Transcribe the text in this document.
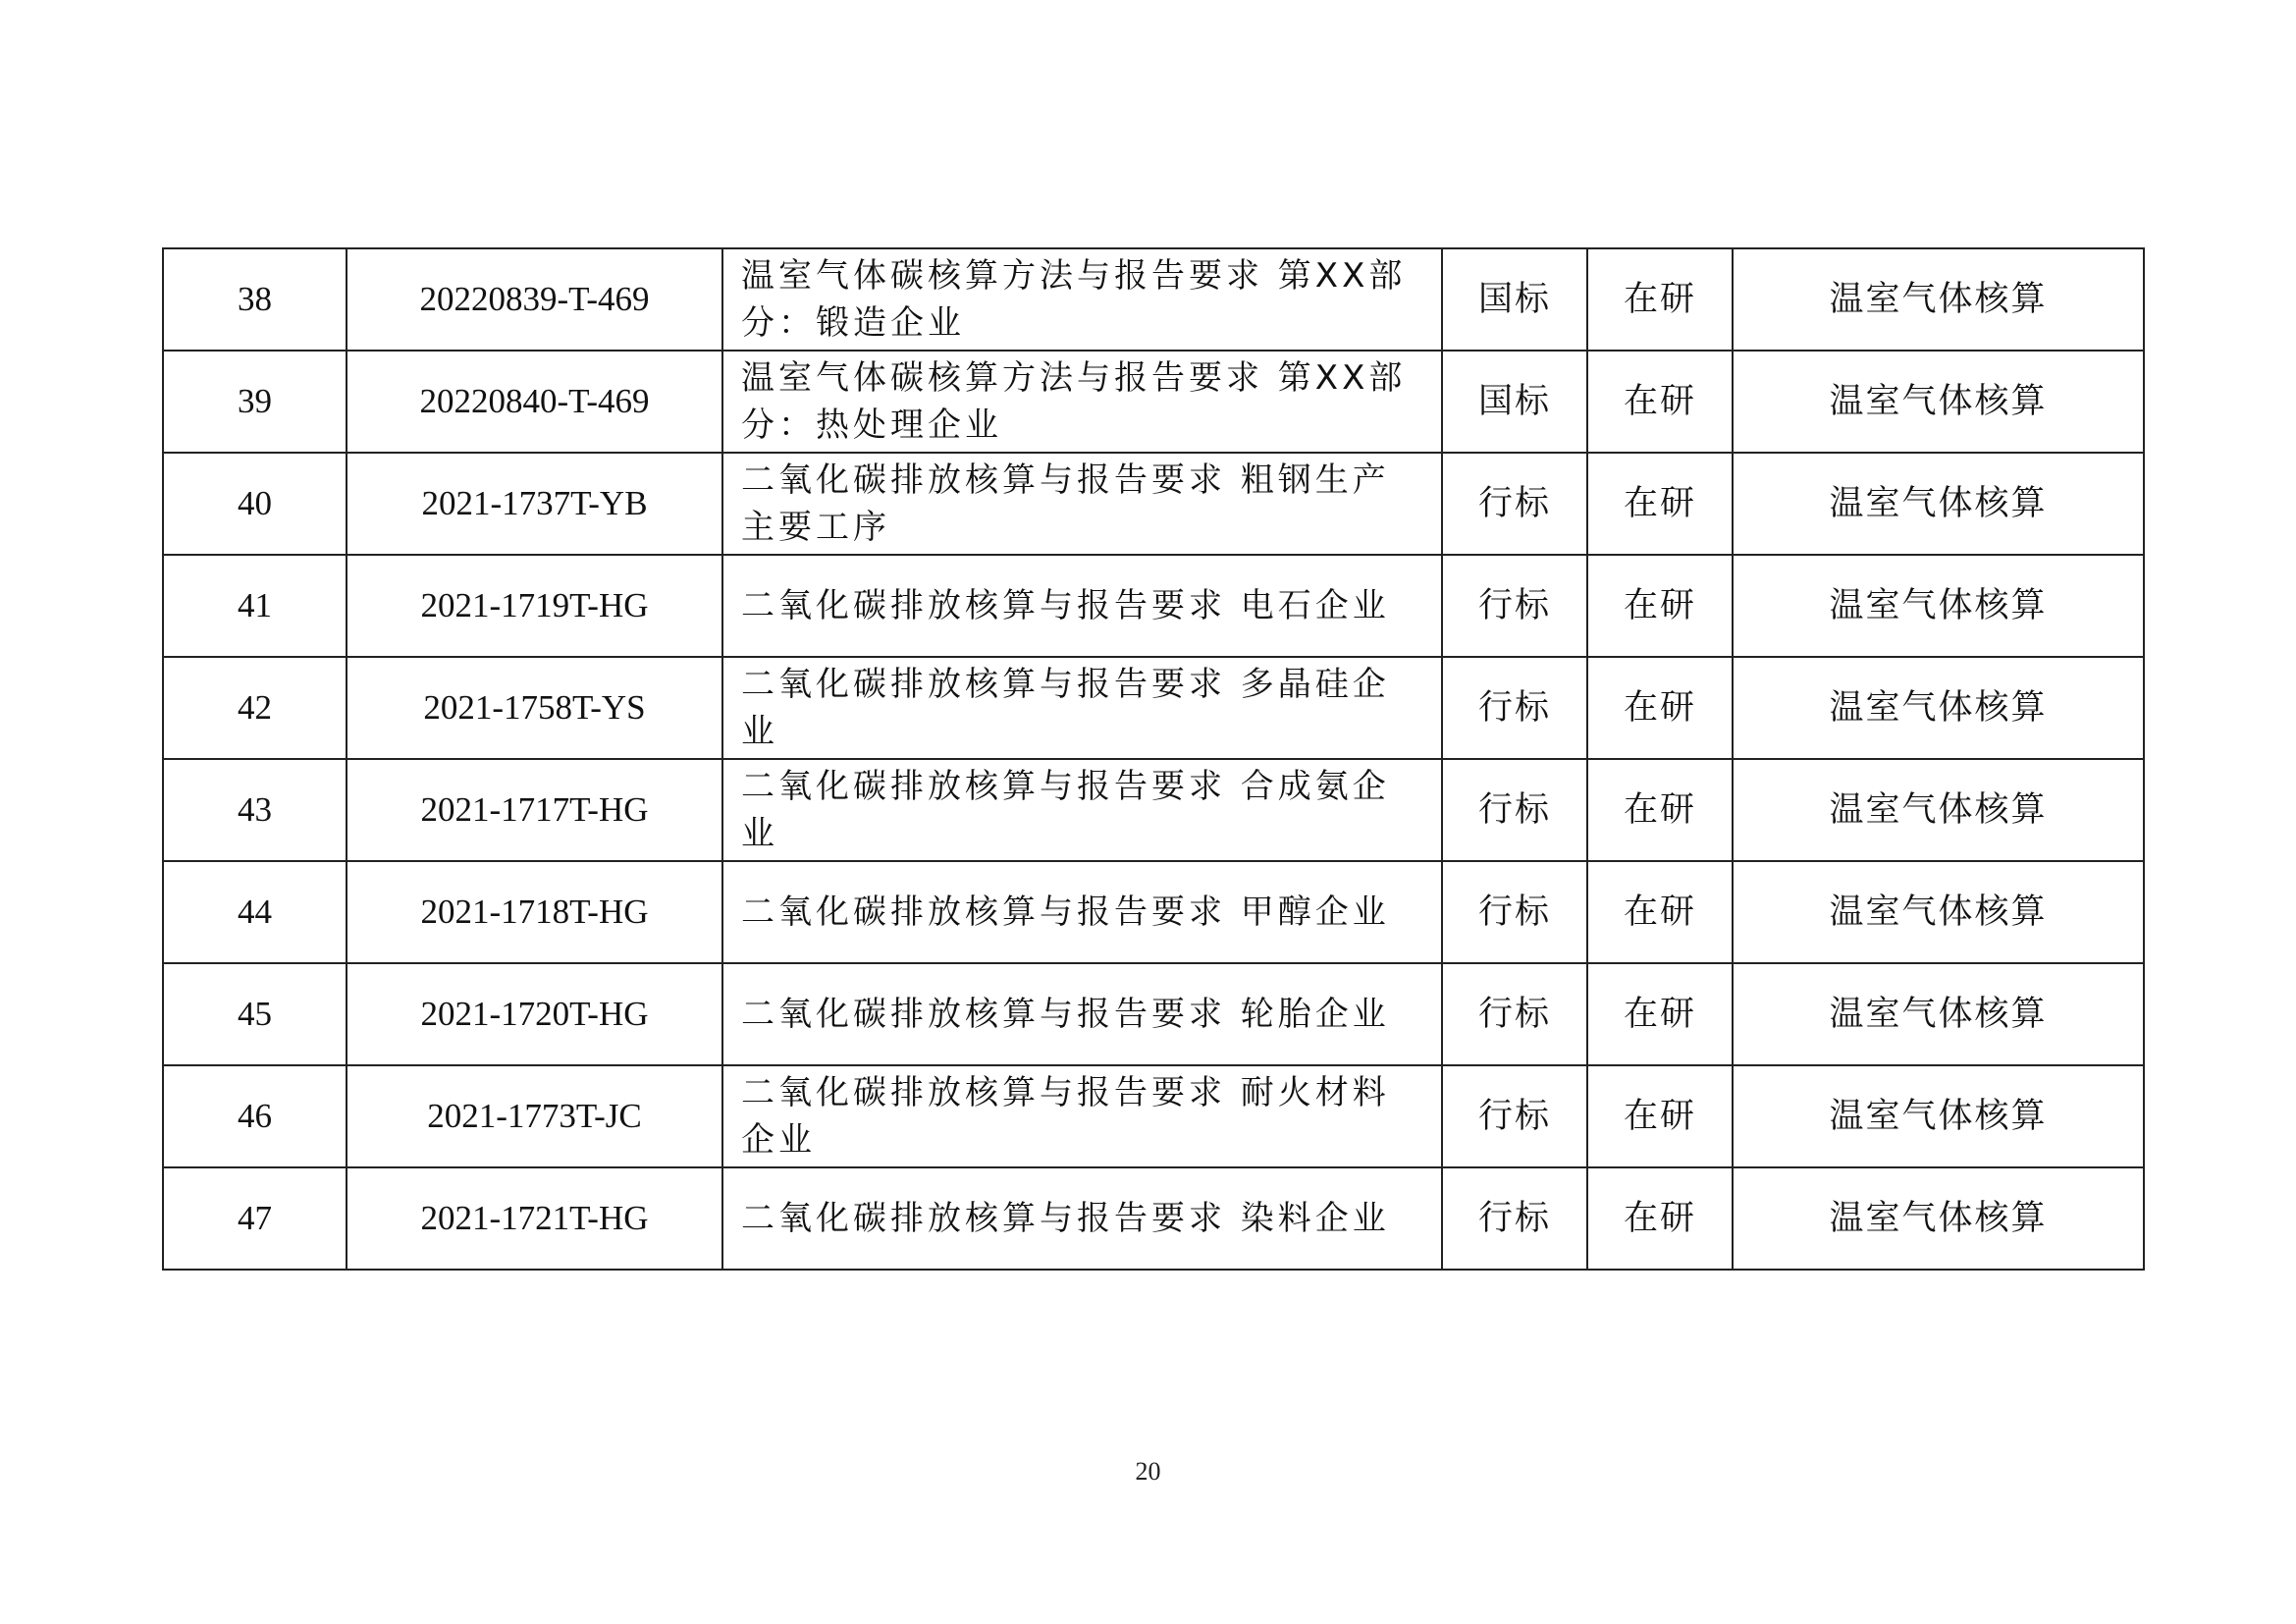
38	20220839-T-469	温室气体碳核算方法与报告要求 第XX部分：锻造企业	国标	在研	温室气体核算
39	20220840-T-469	温室气体碳核算方法与报告要求 第XX部分：热处理企业	国标	在研	温室气体核算
40	2021-1737T-YB	二氧化碳排放核算与报告要求 粗钢生产主要工序	行标	在研	温室气体核算
41	2021-1719T-HG	二氧化碳排放核算与报告要求 电石企业	行标	在研	温室气体核算
42	2021-1758T-YS	二氧化碳排放核算与报告要求 多晶硅企业	行标	在研	温室气体核算
43	2021-1717T-HG	二氧化碳排放核算与报告要求 合成氨企业	行标	在研	温室气体核算
44	2021-1718T-HG	二氧化碳排放核算与报告要求 甲醇企业	行标	在研	温室气体核算
45	2021-1720T-HG	二氧化碳排放核算与报告要求 轮胎企业	行标	在研	温室气体核算
46	2021-1773T-JC	二氧化碳排放核算与报告要求 耐火材料企业	行标	在研	温室气体核算
47	2021-1721T-HG	二氧化碳排放核算与报告要求 染料企业	行标	在研	温室气体核算
20
